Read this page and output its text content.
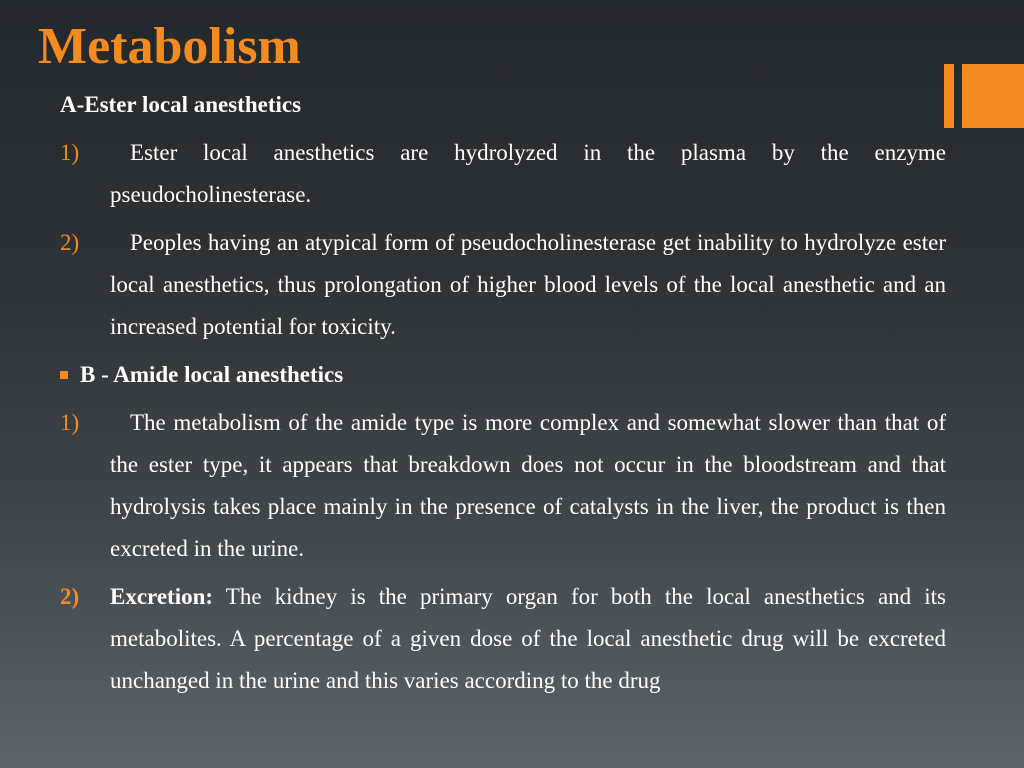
Metabolism

A-Ester local anesthetics

1)	Ester local anesthetics are hydrolyzed in the plasma by the enzyme pseudocholinesterase.
2)	Peoples having an atypical form of pseudocholinesterase get inability to hydrolyze ester local anesthetics, thus prolongation of higher blood levels of the local anesthetic and an increased potential for toxicity.

B - Amide local anesthetics

1)	The metabolism of the amide type is more complex and somewhat slower than that of the ester type, it appears that breakdown does not occur in the bloodstream and that hydrolysis takes place mainly in the presence of catalysts in the liver, the product is then excreted in the urine.
2) Excretion: The kidney is the primary organ for both the local anesthetics and its metabolites. A percentage of a given dose of the local anesthetic drug will be excreted unchanged in the urine and this varies according to the drug
